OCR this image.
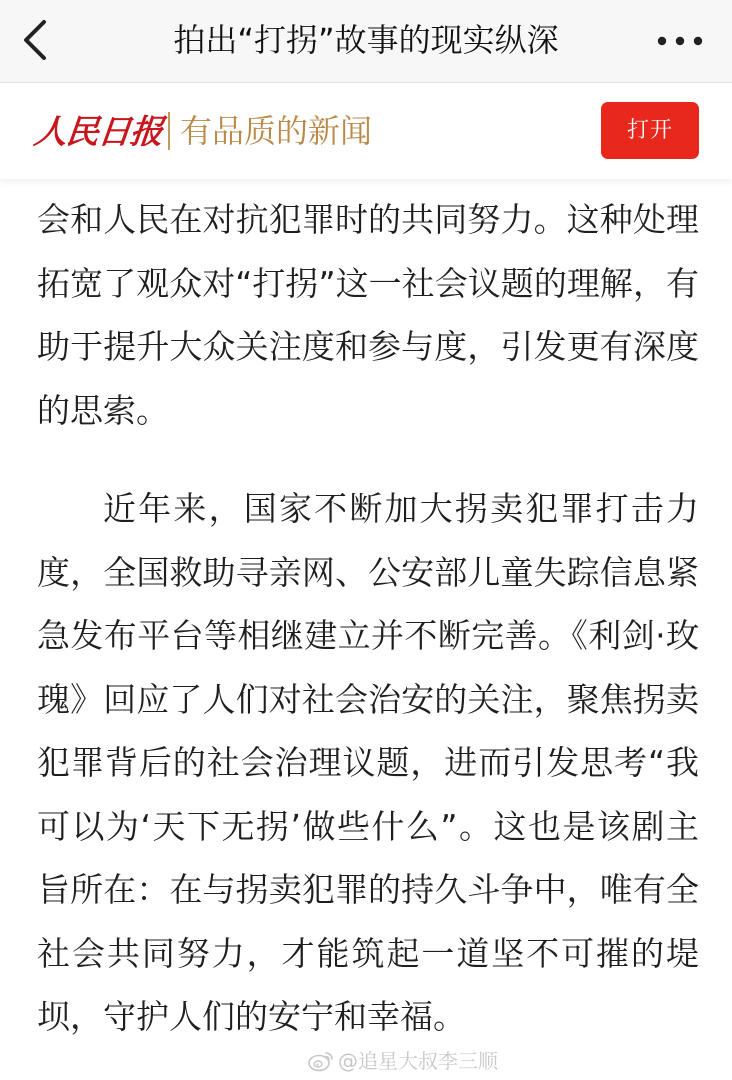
拍出“打拐”故事的现实纵深
人民日报 有品质的新闻	打开

会和人民在对抗犯罪时的共同努力。这种处理拓宽了观众对“打拐”这一社会议题的理解，有助于提升大众关注度和参与度，引发更有深度的思索。

近年来，国家不断加大拐卖犯罪打击力度，全国救助寻亲网、公安部儿童失踪信息紧急发布平台等相继建立并不断完善。《利剑·玫瑰》回应了人们对社会治安的关注，聚焦拐卖犯罪背后的社会治理议题，进而引发思考“我可以为‘天下无拐’做些什么”。这也是该剧主旨所在：在与拐卖犯罪的持久斗争中，唯有全社会共同努力，才能筑起一道坚不可摧的堤坝，守护人们的安宁和幸福。

@追星大叔李三顺
